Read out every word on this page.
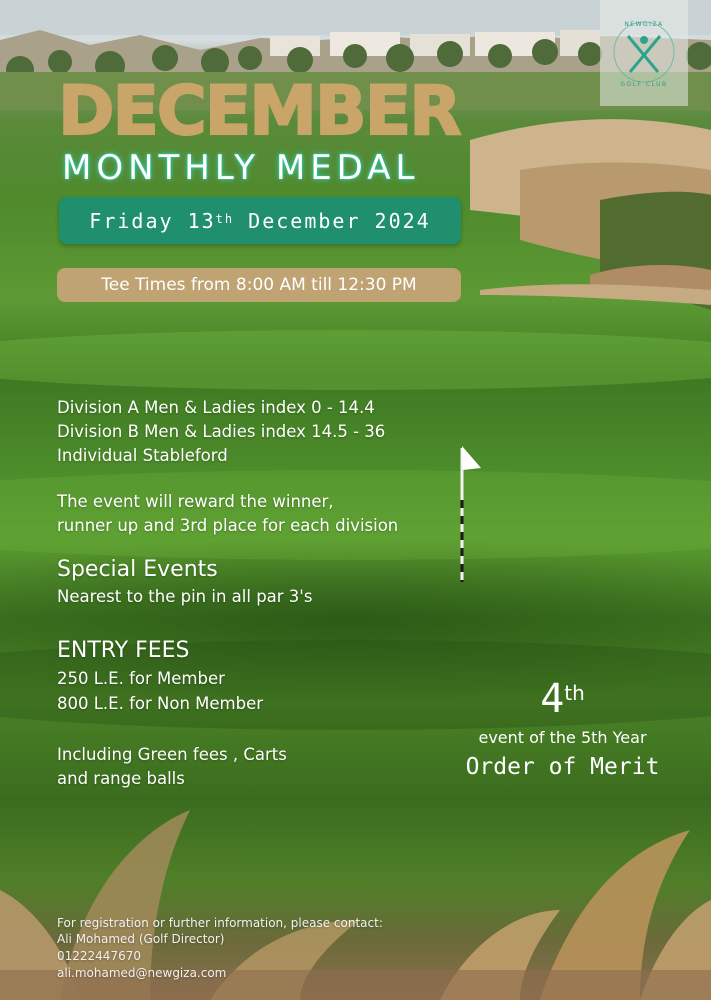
NEWGIZA
GOLF CLUB
DECEMBER
MONTHLY MEDAL
Friday 13th
December 2024
Tee Times from 8:00 AM till 12:30 PM
Division A Men & Ladies index 0 - 14.4
Division B Men & Ladies index 14.5 - 36
Individual Stableford
The event will reward the winner,
runner up and 3rd place for each division
Special Events
Nearest to the pin in all par 3's
ENTRY FEES
250 L.E. for Member
800 L.E. for Non Member
Including Green fees , Carts
and range balls
4th
event of the 5th Year
Order of Merit
For registration or further information, please contact:
Ali Mohamed (Golf Director)
01222447670
ali.mohamed@newgiza.com
